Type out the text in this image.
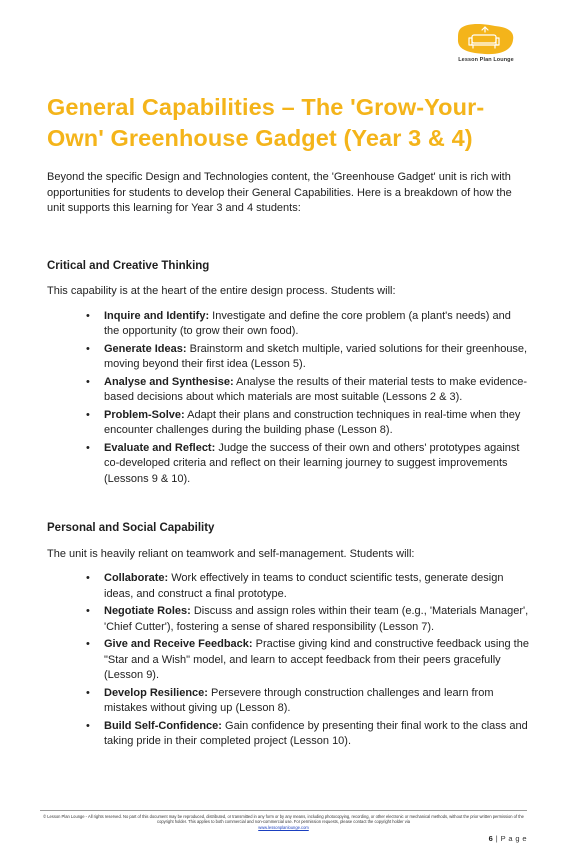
Lesson Plan Lounge
General Capabilities – The 'Grow-Your-Own' Greenhouse Gadget (Year 3 & 4)

Beyond the specific Design and Technologies content, the 'Greenhouse Gadget' unit is rich with opportunities for students to develop their General Capabilities. Here is a breakdown of how the unit supports this learning for Year 3 and 4 students:

Critical and Creative Thinking

This capability is at the heart of the entire design process. Students will:

• Inquire and Identify: Investigate and define the core problem (a plant's needs) and the opportunity (to grow their own food).
• Generate Ideas: Brainstorm and sketch multiple, varied solutions for their greenhouse, moving beyond their first idea (Lesson 5).
• Analyse and Synthesise: Analyse the results of their material tests to make evidence-based decisions about which materials are most suitable (Lessons 2 & 3).
• Problem-Solve: Adapt their plans and construction techniques in real-time when they encounter challenges during the building phase (Lesson 8).
• Evaluate and Reflect: Judge the success of their own and others' prototypes against co-developed criteria and reflect on their learning journey to suggest improvements (Lessons 9 & 10).
Personal and Social Capability

The unit is heavily reliant on teamwork and self-management. Students will:

• Collaborate: Work effectively in teams to conduct scientific tests, generate design ideas, and construct a final prototype.
• Negotiate Roles: Discuss and assign roles within their team (e.g., 'Materials Manager', 'Chief Cutter'), fostering a sense of shared responsibility (Lesson 7).
• Give and Receive Feedback: Practise giving kind and constructive feedback using the "Star and a Wish" model, and learn to accept feedback from their peers gracefully (Lesson 9).
• Develop Resilience: Persevere through construction challenges and learn from mistakes without giving up (Lesson 8).
• Build Self-Confidence: Gain confidence by presenting their final work to the class and taking pride in their completed project (Lesson 10).
© Lesson Plan Lounge - All rights reserved. No part of this document may be reproduced, distributed, or transmitted in any form or by any means, including photocopying, recording, or other electronic or mechanical methods, without the prior written permission of the copyright holder. This applies to both commercial and non-commercial use. For permission requests, please contact the copyright holder via
www.lessonplanlounge.com
6 | P a g e
